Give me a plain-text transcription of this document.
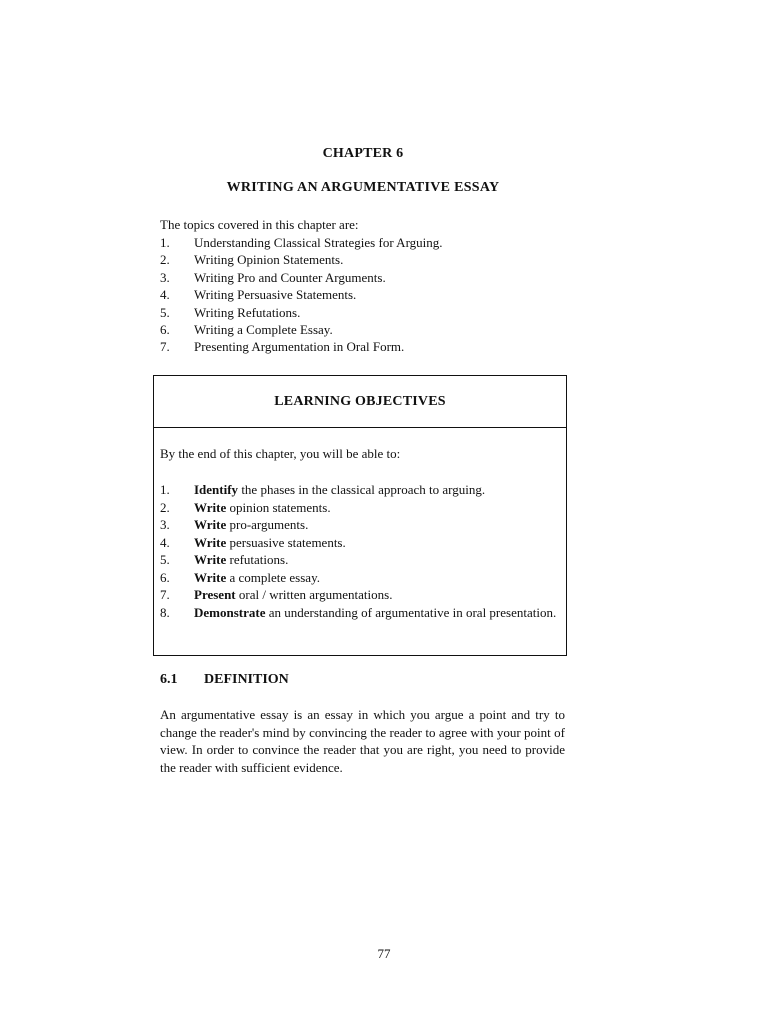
CHAPTER 6
WRITING AN ARGUMENTATIVE ESSAY
The topics covered in this chapter are:
1. Understanding Classical Strategies for Arguing.
2. Writing Opinion Statements.
3. Writing Pro and Counter Arguments.
4. Writing Persuasive Statements.
5. Writing Refutations.
6. Writing a Complete Essay.
7. Presenting Argumentation in Oral Form.
LEARNING OBJECTIVES
By the end of this chapter, you will be able to:
1.	Identify the phases in the classical approach to arguing.
2.	Write opinion statements.
3.	Write pro-arguments.
4.	Write persuasive statements.
5.	Write refutations.
6.	Write a complete essay.
7.	Present oral / written argumentations.
8.	Demonstrate an understanding of argumentative in oral presentation.
6.1 DEFINITION

An argumentative essay is an essay in which you argue a point and try to change the reader's mind by convincing the reader to agree with your point of view. In order to convince the reader that you are right, you need to provide the reader with sufficient evidence.

77
